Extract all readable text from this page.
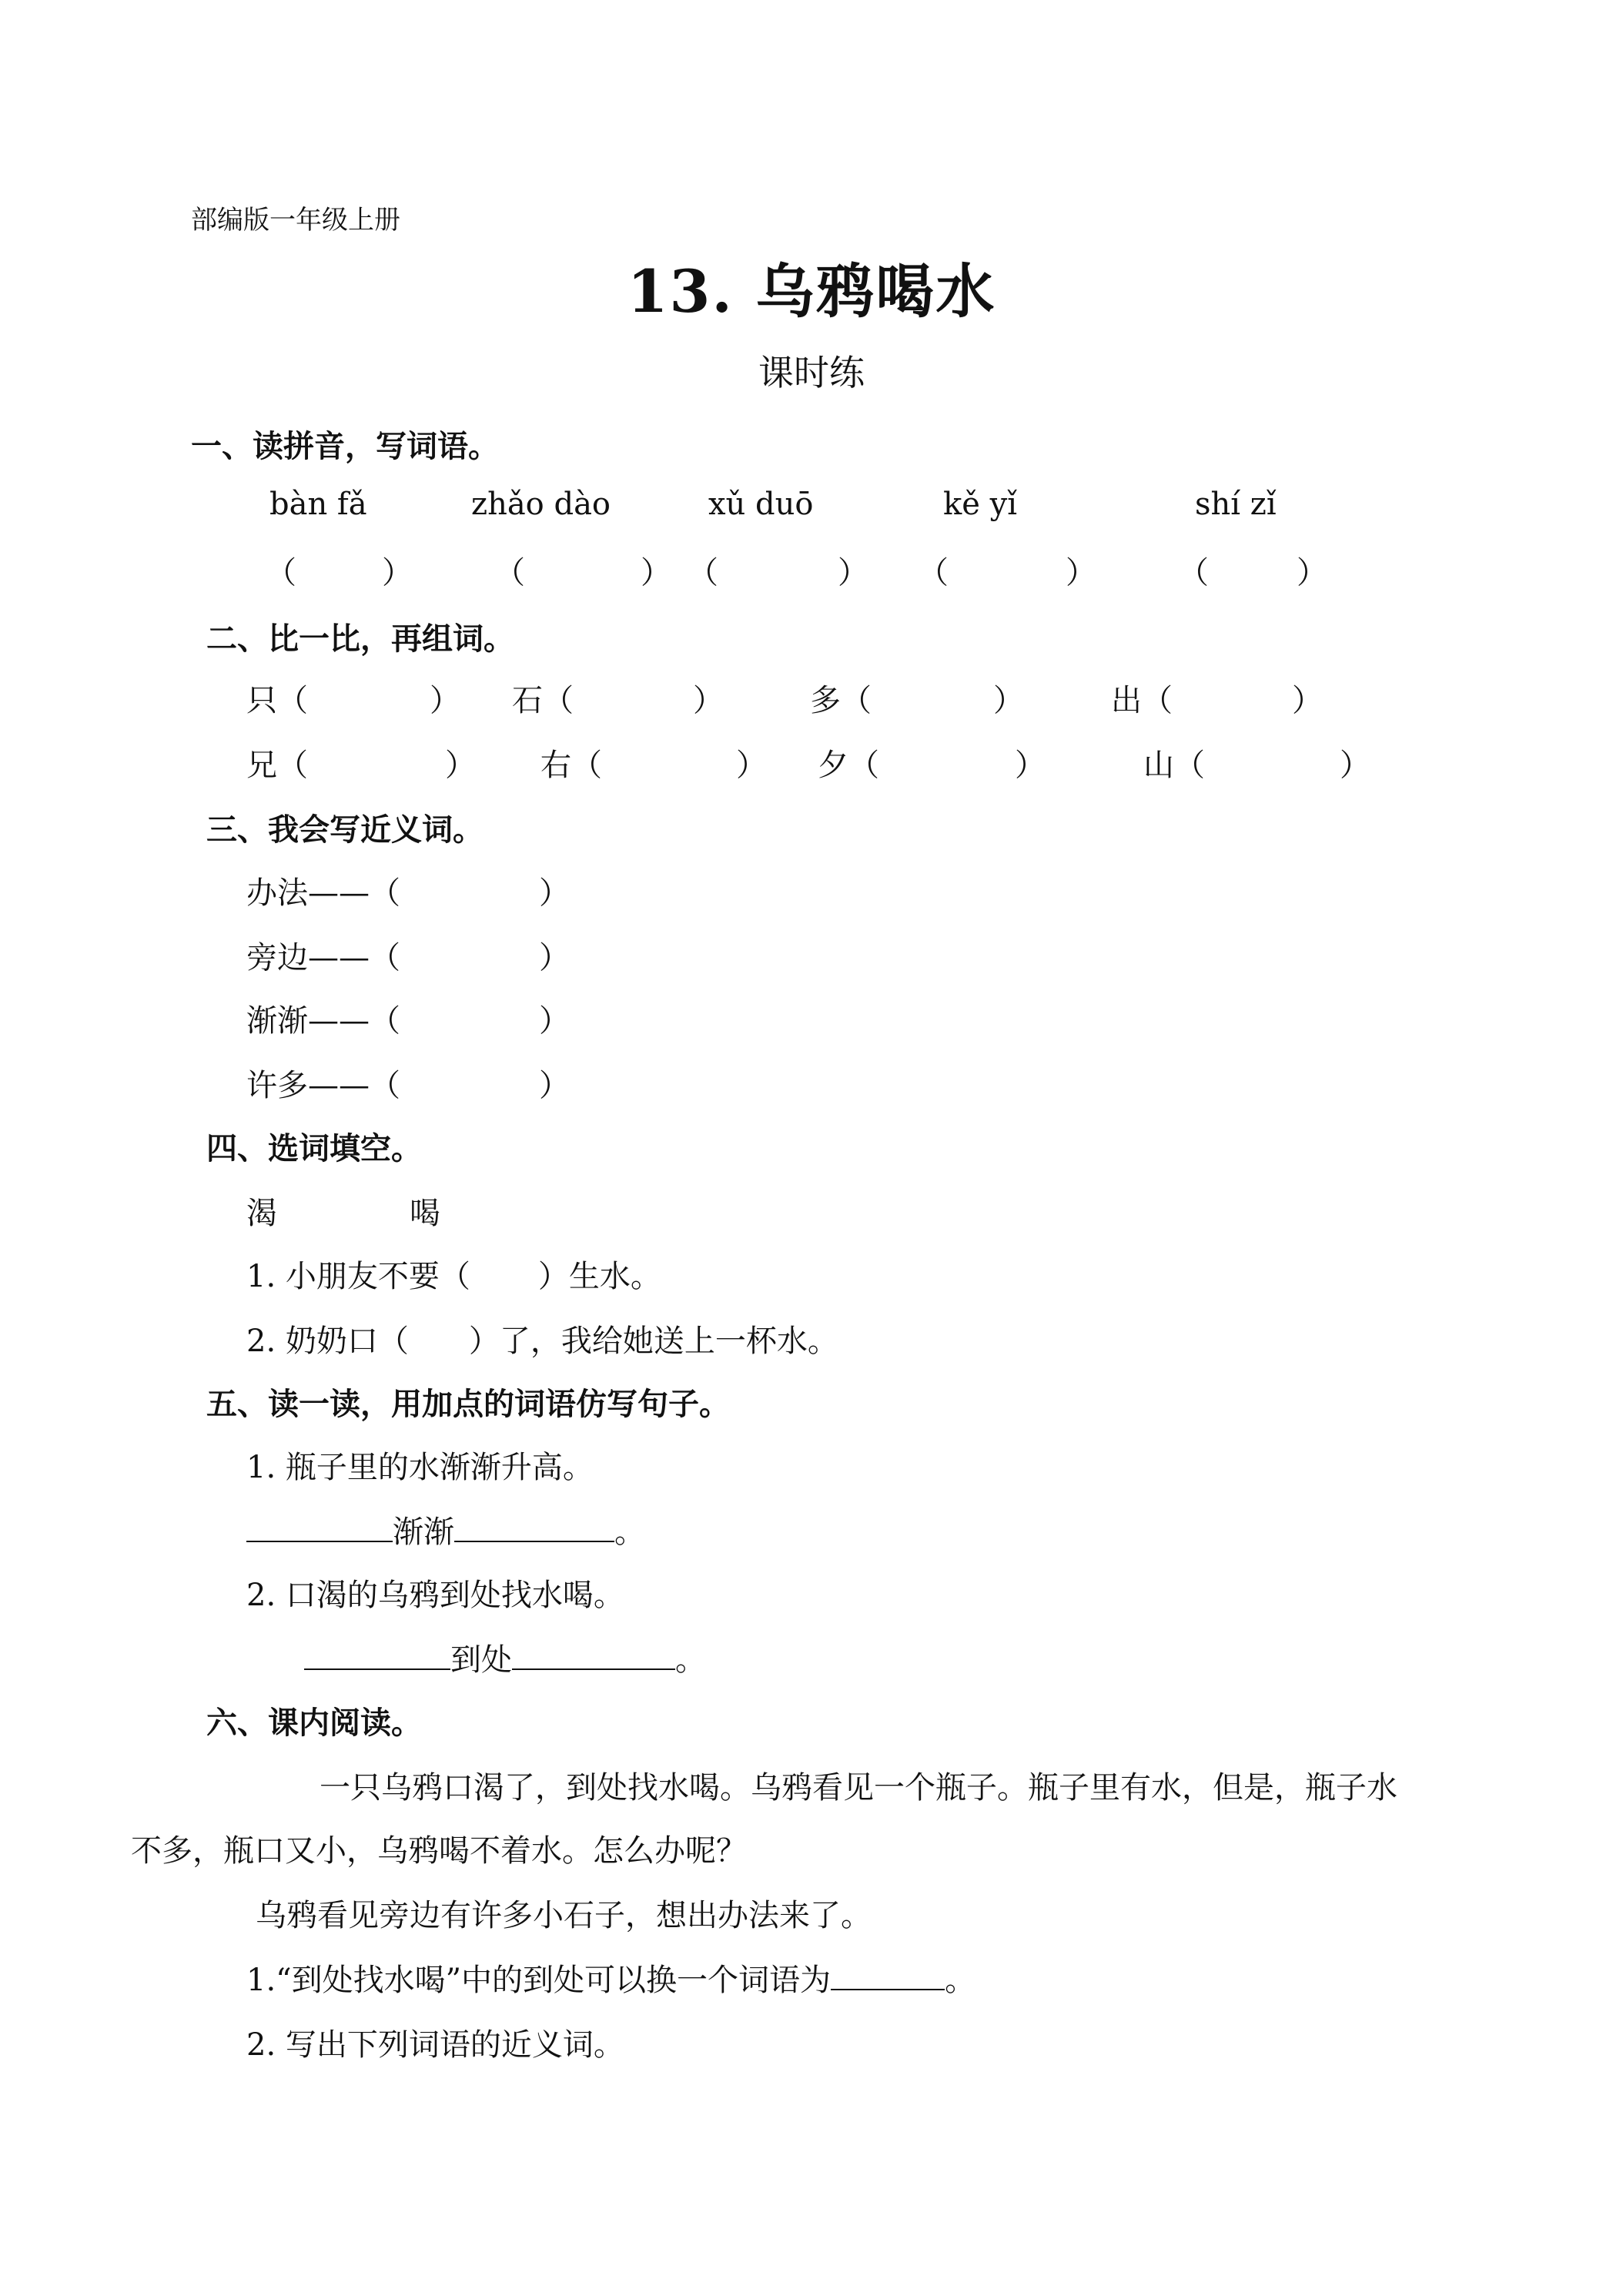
部编版一年级上册
13. 乌鸦喝水
课时练
一、读拼音，写词语。
bàn fǎ	zhǎo dào	xǔ duō	kě yǐ	shí zǐ
（	）	（	） （	） （	）	（	）
二、比一比，再组词。
只（	） 石（	）	多（	）	出（	）
兄（	） 右（	） 夕（	）	山（	）
三、我会写近义词。
办法——（	）
旁边——（	）
渐渐——（	）
许多——（	）
四、选词填空。
渴	喝
1. 小朋友不要（ ）生水。
2. 奶奶口（ ）了，我给她送上一杯水。
五、读一读，用加点的词语仿写句子。
1. 瓶子里的水渐渐升高。
渐渐	。
2. 口渴的乌鸦到处找水喝。
到处	。
六、课内阅读。
一只乌鸦口渴了，到处找水喝。乌鸦看见一个瓶子。瓶子里有水，但是，瓶子水
不多，瓶口又小，乌鸦喝不着水。怎么办呢？
乌鸦看见旁边有许多小石子，想出办法来了。
1.“到处找水喝”中的到处可以换一个词语为	。
2. 写出下列词语的近义词。
